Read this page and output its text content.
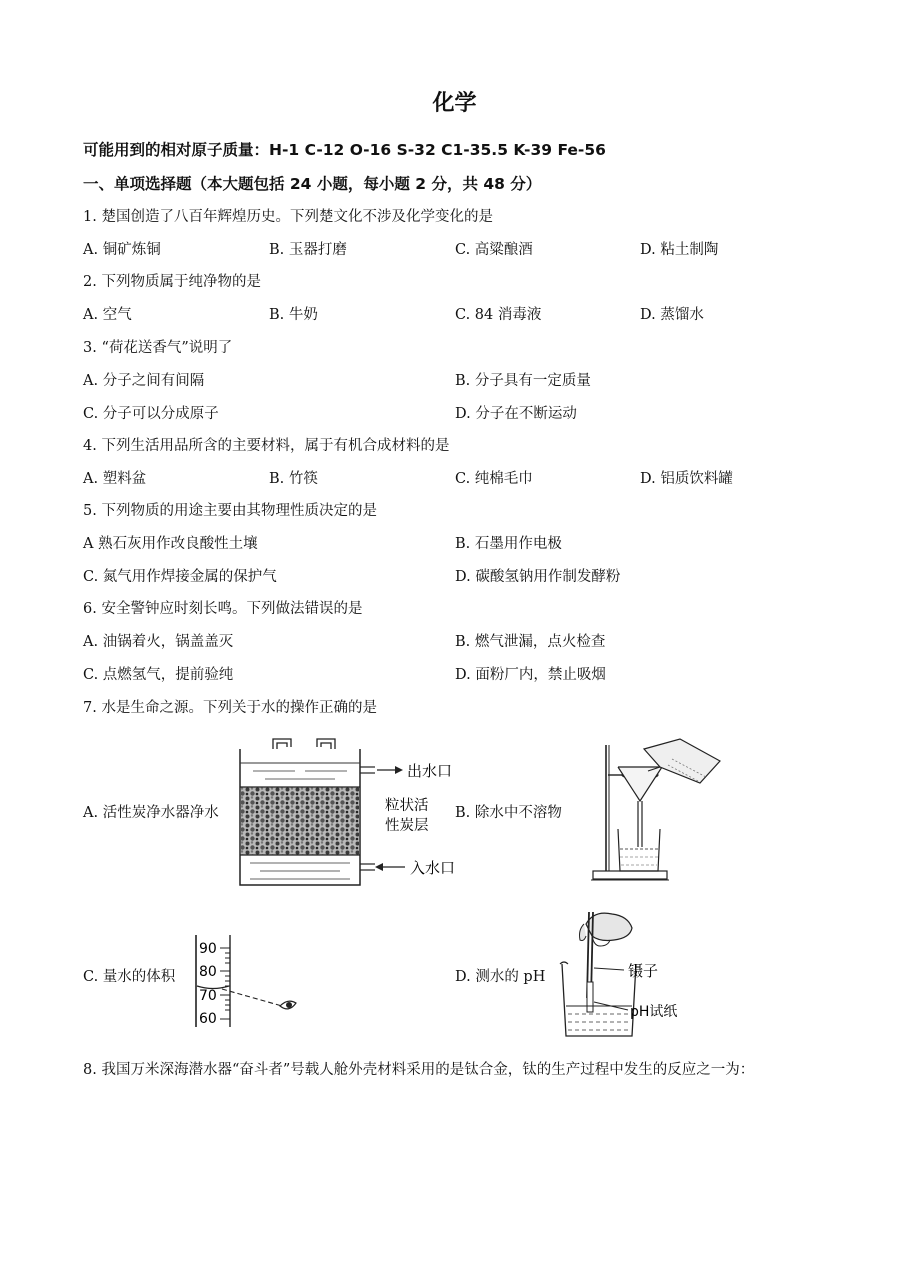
化学
可能用到的相对原子质量：H-1 C-12 O-16 S-32 C1-35.5 K-39 Fe-56
一、单项选择题（本大题包括 24 小题，每小题 2 分，共 48 分）
1. 楚国创造了八百年辉煌历史。下列楚文化不涉及化学变化的是
A. 铜矿炼铜	B. 玉器打磨	C. 高粱酿酒	D. 粘土制陶
2. 下列物质属于纯净物的是
A. 空气	B. 牛奶	C. 84 消毒液	D. 蒸馏水
3. “荷花送香气”说明了
A. 分子之间有间隔	B. 分子具有一定质量
C. 分子可以分成原子	D. 分子在不断运动
4. 下列生活用品所含的主要材料，属于有机合成材料的是
A. 塑料盆	B. 竹筷	C. 纯棉毛巾	D. 铝质饮料罐
5. 下列物质的用途主要由其物理性质决定的是
A 熟石灰用作改良酸性土壤	B. 石墨用作电极
C. 氮气用作焊接金属的保护气	D. 碳酸氢钠用作制发酵粉
6. 安全警钟应时刻长鸣。下列做法错误的是
A. 油锅着火，锅盖盖灭	B. 燃气泄漏，点火检查
C. 点燃氢气，提前验纯	D. 面粉厂内，禁止吸烟
7. 水是生命之源。下列关于水的操作正确的是
A. 活性炭净水器净水	B. 除水中不溶物
C. 量水的体积	D. 测水的 pH
出水口
粒状活
性炭层
入水口
90
80
70
60
镊子
pH试纸
8. 我国万米深海潜水器“奋斗者”号载人舱外壳材料采用的是钛合金，钛的生产过程中发生的反应之一为：
